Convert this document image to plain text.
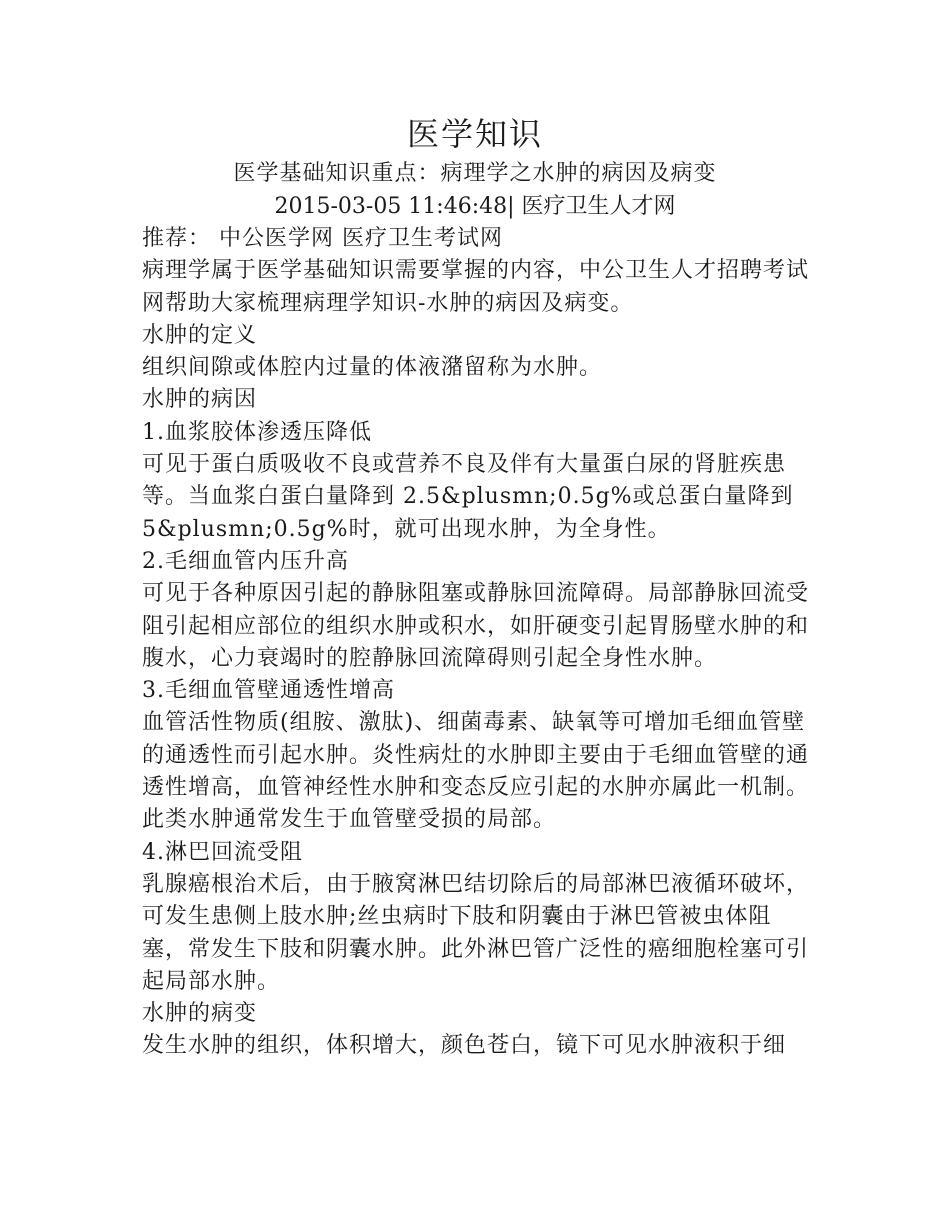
医学知识
医学基础知识重点：病理学之水肿的病因及病变
2015-03-05 11:46:48| 医疗卫生人才网

推荐： 中公医学网 医疗卫生考试网

病理学属于医学基础知识需要掌握的内容，中公卫生人才招聘考试网帮助大家梳理病理学知识-水肿的病因及病变。

水肿的定义

组织间隙或体腔内过量的体液潴留称为水肿。

水肿的病因

1.血浆胶体渗透压降低

可见于蛋白质吸收不良或营养不良及伴有大量蛋白尿的肾脏疾患等。当血浆白蛋白量降到 2.5&plusmn;0.5g%或总蛋白量降到 5&plusmn;0.5g%时，就可出现水肿，为全身性。

2.毛细血管内压升高

可见于各种原因引起的静脉阻塞或静脉回流障碍。局部静脉回流受阻引起相应部位的组织水肿或积水，如肝硬变引起胃肠壁水肿的和腹水，心力衰竭时的腔静脉回流障碍则引起全身性水肿。

3.毛细血管壁通透性增高

血管活性物质(组胺、激肽)、细菌毒素、缺氧等可增加毛细血管壁的通透性而引起水肿。炎性病灶的水肿即主要由于毛细血管壁的通透性增高，血管神经性水肿和变态反应引起的水肿亦属此一机制。此类水肿通常发生于血管壁受损的局部。

4.淋巴回流受阻

乳腺癌根治术后，由于腋窝淋巴结切除后的局部淋巴液循环破坏，可发生患侧上肢水肿;丝虫病时下肢和阴囊由于淋巴管被虫体阻塞，常发生下肢和阴囊水肿。此外淋巴管广泛性的癌细胞栓塞可引起局部水肿。

水肿的病变

发生水肿的组织，体积增大，颜色苍白，镜下可见水肿液积于细
